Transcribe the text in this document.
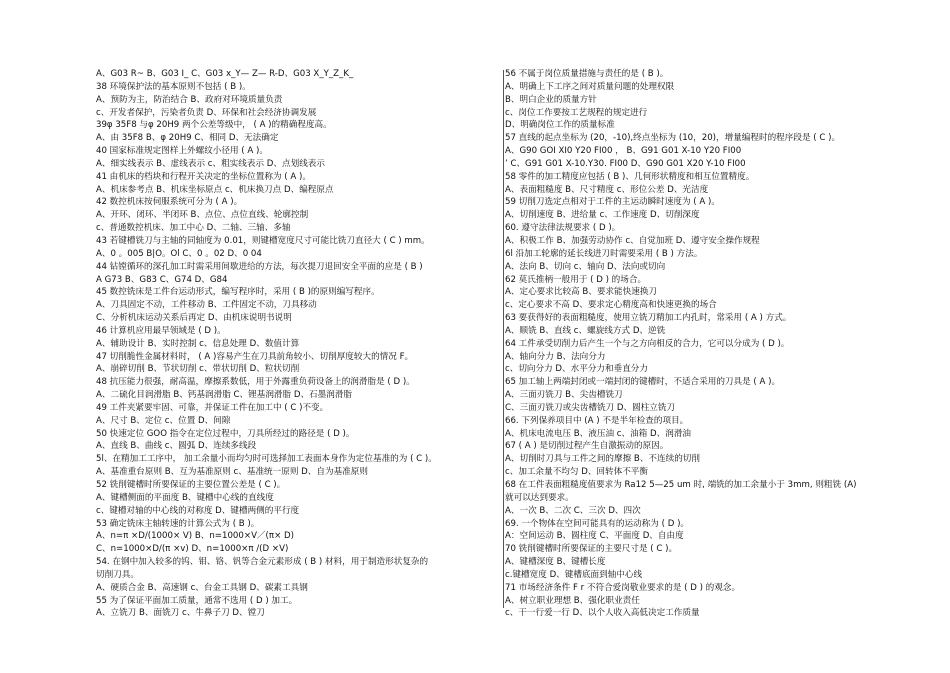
A、G03 R~ B、G03 I_ C、G03 x_Y— Z— R-D、G03 X_Y_Z_K_
38 环境保护法的基本原则不包括 ( B )。
A、预防为主，防治结合 B、政府对环境质量负责
c、开发者保护，污染者负责 D、环保和社会经济协调发展
39φ 35F8 与φ 20H9 两个公差等级中， ( A )的精确程度高。
A、由 35F8 B、φ 20H9 C、相同 D、无法确定
40 国家标准规定图样上外螺纹小径用 ( A )。
A、细实线表示 B、虚线表示 c、粗实线表示 D、点划线表示
41 由机床的档块和行程开关决定的坐标位置称为 ( A )。
A、机床参考点 B、机床坐标原点 c、机床换刀点 D、编程原点
42 数控机床按伺服系统可分为 ( A )。
A、开环、闭环、半闭环 B、点位、点位直线、轮廓控制
c、普通数控机床、加工中心 D、二轴、三轴、多轴
43 若键槽铣刀与主轴的同轴度为 0.01，则键槽宽度尺寸可能比铣刀直径大 ( C ) mm。
A、0 。005 B|O。Ol C、0 。02 D、0 04
44 钻镗循环的深孔加工时需采用间歇进给的方法，每次提刀退回安全平面的应是 ( B )
A G73 B、G83 C、G74 D、G84
45 数控铣床是工件台运动形式，编写程序时，采用 ( B )的原则编写程序。
A、刀具固定不动，工件移动 B、工件固定不动，刀具移动
C、分析机床运动关系后再定 D、由机床说明书说明
46 计算机应用最早领域是 ( D )。
A、辅助设计 B、实时控制 c、信息处理 D、数值计算
47 切削脆性金属材料时， ( A )容易产生在刀具前角较小、切削厚度较大的情况 F。
A、崩碎切削 B、节状切削 c、带状切削 D、粒状切削
48 抗压能力很强，耐高温，摩擦系数低，用于外露重负荷设备上的润滑脂是 ( D )。
A、二硫化目润滑脂 B、钙基润滑脂 C、锂基润滑脂 D、石墨润滑脂
49 工件夹紧要牢固、可靠，并保证工件在加工中 ( C )不变。
A、尺寸 B、定位 c、位置 D、间隙
50 快速定位 GOO 指令在定位过程中，刀具所经过的路径是 ( D )。
A、直线 B、曲线 c、圆弧 D、连续多线段
5l、在精加工工序中， 加工余量小而均匀时可选择加工表面本身作为定位基准的为 ( C )。
A、基准重台原则 B、互为基准原则 c、基准统一原则 D、自为基准原则
52 铣削键槽时所要保证的主要位置公差是 ( C )。
A、键槽侧面的平面度 B、键槽中心线的直线度
c、键槽对轴的中心线的对称度 D、键槽两侧的平行度
53 确定铣床主轴转速的计算公式为 ( B )。
A、n=π ×D/(1000× V) B、n=1000×V／(π× D)
C、n=1000×D/(π ×v) D、n=1000×π /(D ×V)
54. 在钢中加入较多的钨、钼、铬、钒等合金元素形成 ( B ) 材料，用于制造形状复杂的
切削刀具。
A、硬质合金 B、高速钢 c、台金工具钢 D、碳素工具钢
55 为了保证平面加工质量，通常不选用 ( D ) 加工。
A、立铣刀 B、面铣刀 c、牛鼻子刀 D、镗刀
56 不属于岗位质量措施与责任的是 ( B )。
A、明确上下工序之间对质量问题的处理权限
B、明白企业的质量方针
c、岗位工作要按工艺规程的规定进行
D、明确岗位工作的质量标准
57 直线的起点坐标为 (20，-10),终点坐标为 (10，20)，增量编程时的程序段是 ( C )。
A、G90 GOI XI0 Y20 FI00 ， B、G91 G01 X-10 Y20 FI00
’ C、G91 G01 X-10.Y30. FI00 D、G90 G01 X20 Y-10 FI00
58 零件的加工精度应包括 ( B )、几何形状精度和相互位置精度。
A、表面粗糙度 B、尺寸精度 c、形位公差 D、光洁度
59 切削刀选定点相对于工件的主运动瞬时速度为 ( A )。
A、切削速度 B、进给量 c、工作速度 D、切削深度
60. 遵守法律法规要求 ( D )。
A、积极工作 B、加强劳动协作 c、自觉加班 D、遵守安全操作规程
6l 沿加工轮廓的延长线进刀时需要采用 ( B ) 方法。
A、法向 B、切向 c、轴向 D、法向或切向
62 莫氏推柄一般用于 ( D ) 的场合。
A、定心要求比较高 B、要求能快速换刀
c、定心要求不高 D、要求定心精度高和快速更换的场合
63 要获得好的表面粗糙度，使用立铣刀精加工内孔时，常采用 ( A ) 方式。
A、顺铣 B、直线 c、螺旋线方式 D、逆铣
64 工件承受切削力后产生一个与之方向相反的合力，它可以分成为 ( D )。
A、轴向分力 B、法向分力
c、切向分力 D、水平分力和垂直分力
65 加工轴上两端封闭或一端封闭的键槽时，不适合采用的刀具是 ( A )。
A、三面刃铣刀 B、尖齿槽铣刀
C、三面刃铣刀或尖齿槽铣刀 D、圆柱立铣刀
66. 下列保养项目中 (A ) 不是半年检查的项目。
A、机床电流电压 B、液压油 c、油箱 D、润滑油
67 ( A ) 是切削过程产生自激振动的原因。
A、切削时刀具与工件之间的摩擦 B、不连续的切削
c、加工余量不均匀 D、回转体不平衡
68 在工件表面粗糙度值要求为 Ra12 5—25 um 时, 端铣的加工余量小于 3mm, 则粗铣 (A)
就可以达到要求。
A、一次 B、二次 C、三次 D、四次
69. 一个物体在空间可能具有的运动称为 ( D )。
A：空间运动 B、圆柱度 C、平面度 D、自由度
70 铣削键槽时所要保证的主要尺寸是 ( C )。
A、键槽深度 B、键槽长度
c.键槽宽度 D、键槽底面到轴中心线
71 市场经济条件 F r 不符合爱岗敬业要求的是 ( D ) 的观念。
A、树立职业理想 B、强化职业责任
c、干一行爱一行 D、以个人收入高低决定工作质量
